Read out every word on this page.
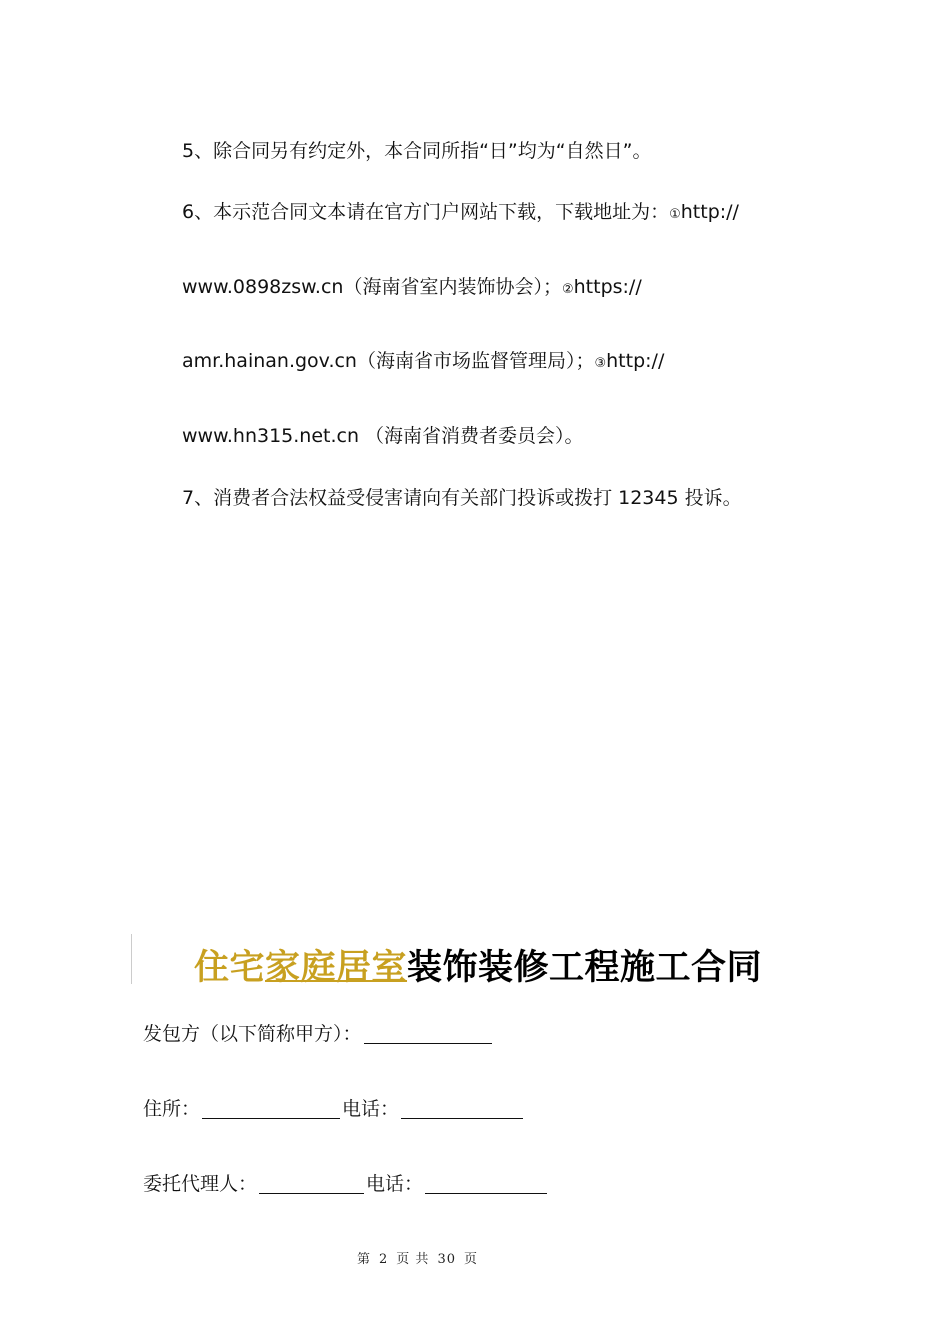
5、除合同另有约定外，本合同所指“日”均为“自然日”。
6、本示范合同文本请在官方门户网站下载，下载地址为：①http://
www.0898zsw.cn（海南省室内装饰协会）；②https://
amr.hainan.gov.cn（海南省市场监督管理局）；③http://
www.hn315.net.cn （海南省消费者委员会）。
7、消费者合法权益受侵害请向有关部门投诉或拨打 12345 投诉。
住宅家庭居室装饰装修工程施工合同
发包方（以下简称甲方）：
住所：	电话：
委托代理人：	电话：
第 2 页 共 30 页
